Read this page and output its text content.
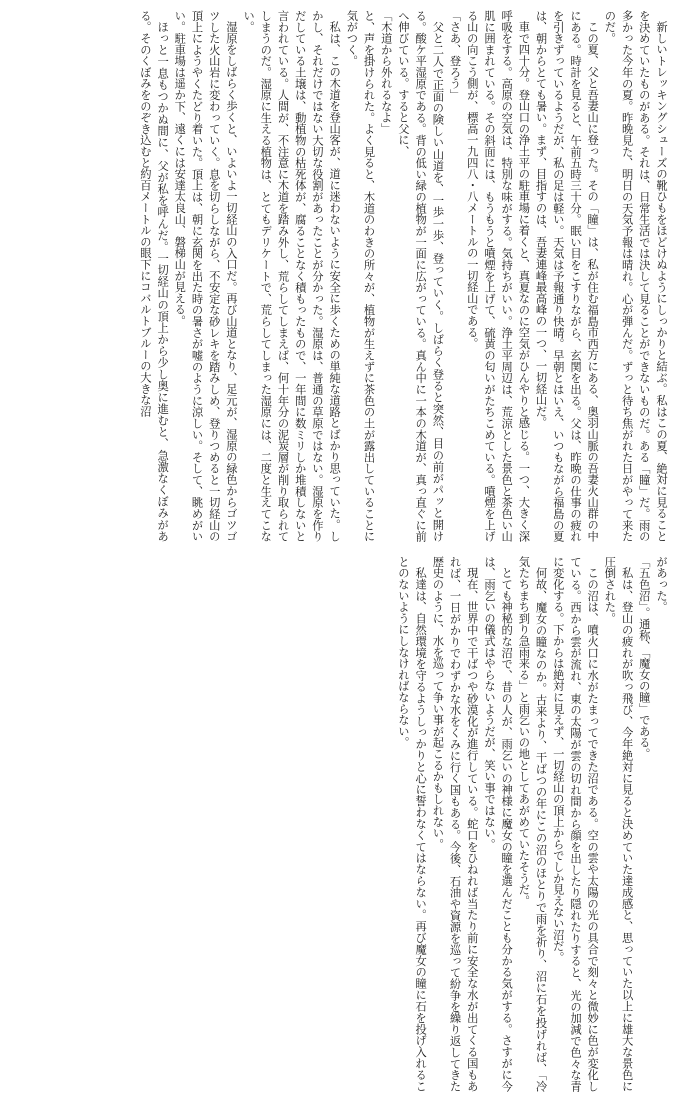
新しいトレッキングシューズの靴ひもをほどけぬようにしっかりと結ぶ。私はこの夏、絶対に見ることを決めていたものがある。それは、日常生活では決して見ることができないものだ。ある「瞳」だ。雨の多かった今年の夏。昨晩見た、明日の天気予報は晴れ。心が弾んだ。ずっと待ち焦がれた日がやって来たのだ。

この夏、父と吾妻山に登った。その「瞳」は、私が住む福島市西方にある、奥羽山脈の吾妻火山群の中にある。時計を見ると、午前五時三十分。眠い目をこすりながら、玄関を出る。父は、昨晩の仕事の疲れを引きずっているようだが、私の足は軽い。天気は予報通り快晴。早朝とはいえ、いつもながら福島の夏は、朝からとても暑い。まず、目指すのは、吾妻連峰最高峰の一つ、一切経山だ。

車で四十分。登山口の浄土平の駐車場に着くと、真夏なのに空気がひんやりと感じる。一つ、大きく深呼吸をする。高原の空気は、特別な味がする。気持ちがいい。浄土平周辺は、荒涼とした景色と茶色い山肌に囲まれている。その斜面には、もうもうと噴煙を上げて、硫黄の匂いがたちこめている。噴煙を上げる山の向こう側が、標高一九四八・八メートルの一切経山である。

「さあ、登ろう」

父と二人で正面の険しい山道を、一歩一歩、登っていく。しばらく登ると突然、目の前がパッと開ける。酸ケ平湿原である。背の低い緑の植物が一面に広がっている。真ん中に一本の木道が、真っ直ぐに前へ伸びている。すると父に、

「木道から外れるなよ」

と、声を掛けられた。よく見ると、木道のわきの所々が、植物が生えずに茶色の土が露出していることに気がつく。

私は、この木道を登山客が、道に迷わないように安全に歩くための単純な道路とばかり思っていた。しかし、それだけではない大切な役割があったことが分かった。湿原は、普通の草原ではない。湿原を作りだしている土壌は、動植物の枯死体が、腐ることなく積もったもので、一年間に数ミリしか堆積しないと言われている。人間が、不注意に木道を踏み外し、荒らしてしまえば、何十年分の泥炭層が削り取られてしまうのだ。湿原に生える植物は、とてもデリケートで、荒らしてしまった湿原には、二度と生えてこない。

湿原をしばらく歩くと、いよいよ一切経山の入口だ。再び山道となり、足元が、湿原の緑色からゴツゴツした火山岩に変わっていく。息を切らしながら、不安定な砂レキを踏みしめ、登りつめると一切経山の頂上にようやくたどり着いた。頂上は、朝に玄関を出た時の暑さが嘘のように涼しい。そして、眺めがいい。駐車場は遥か下、遠くには安達太良山、磐梯山が見える。

ほっと一息もつかぬ間に、父が私を呼んだ。一切経山の頂上から少し奥に進むと、急激なくぼみがある。そのくぼみをのぞき込むと約百メートルの眼下にコバルトブルーの大きな沼

があった。

「五色沼」。通称、「魔女の瞳」である。

私は、登山の疲れが吹っ飛び、今年絶対に見ると決めていた達成感と、思っていた以上に雄大な景色に圧倒された。

この沼は、噴火口に水がたまってできた沼である。空の雲や太陽の光の具合で刻々と微妙に色が変化している。西から雲が流れ、東の太陽が雲の切れ間から顔を出したり隠れたりすると、光の加減で色々な青に変化する。下からは絶対に見えず、一切経山の頂上からでしか見えない沼だ。

何故、魔女の瞳なのか。古来より、干ばつの年にこの沼のほとりで雨を祈り、沼に石を投げれば、「冷気たちまち到り急雨来る」と雨乞いの地としてあがめていたそうだ。

とても神秘的な沼で、昔の人が、雨乞いの神様に魔女の瞳を選んだことも分かる気がする。さすがに今は、雨乞いの儀式はやらないようだが、笑い事ではない。

現在、世界中で干ばつや砂漠化が進行している。蛇口をひねれば当たり前に安全な水が出てくる国もあれば、一日がかりでわずかな水をくみに行く国もある。今後、石油や資源を巡って紛争を繰り返してきた歴史のように、水を巡って争い事が起こるかもしれない。

私達は、自然環境を守るようしっかりと心に誓わなくてはならない。再び魔女の瞳に石を投げ入れることのないようにしなければならない。
